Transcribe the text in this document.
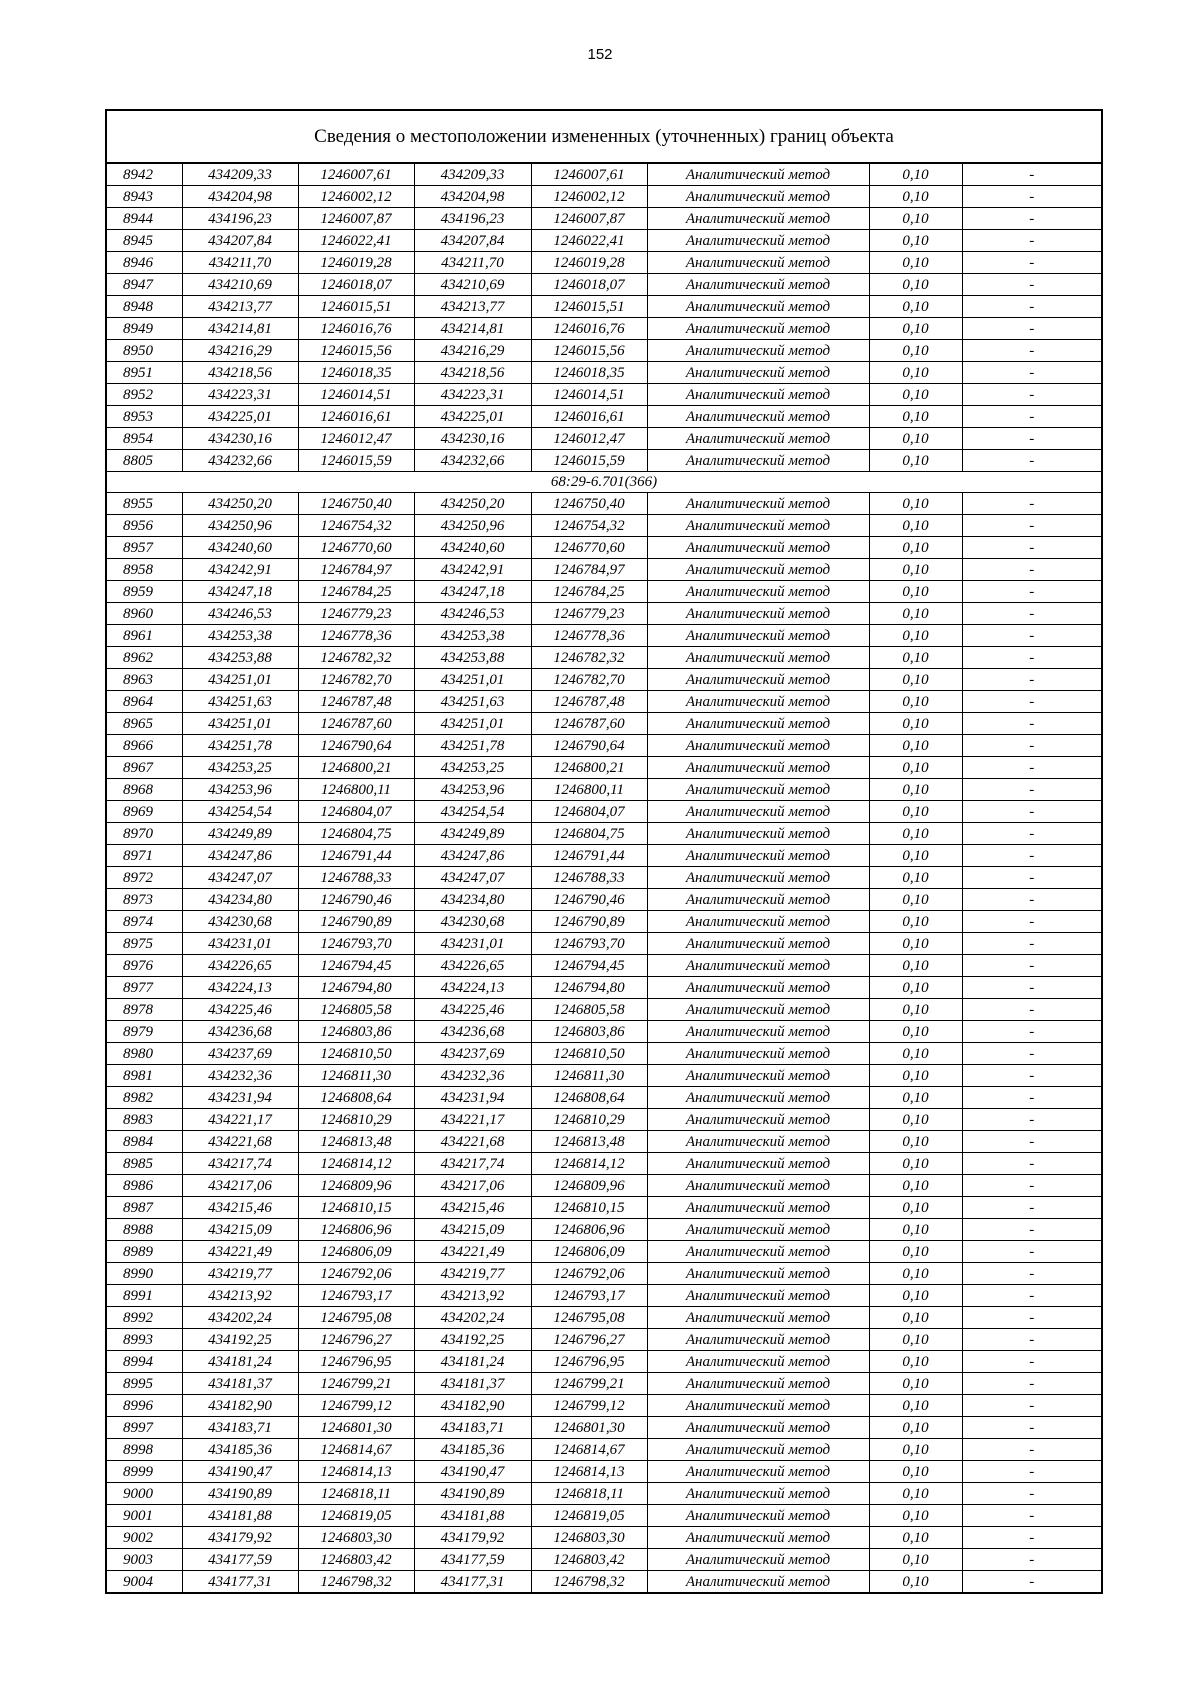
152
Сведения о местоположении измененных (уточненных) границ объекта
8942	434209,33	1246007,61	434209,33	1246007,61	Аналитический метод	0,10	-
8943	434204,98	1246002,12	434204,98	1246002,12	Аналитический метод	0,10	-
8944	434196,23	1246007,87	434196,23	1246007,87	Аналитический метод	0,10	-
8945	434207,84	1246022,41	434207,84	1246022,41	Аналитический метод	0,10	-
8946	434211,70	1246019,28	434211,70	1246019,28	Аналитический метод	0,10	-
8947	434210,69	1246018,07	434210,69	1246018,07	Аналитический метод	0,10	-
8948	434213,77	1246015,51	434213,77	1246015,51	Аналитический метод	0,10	-
8949	434214,81	1246016,76	434214,81	1246016,76	Аналитический метод	0,10	-
8950	434216,29	1246015,56	434216,29	1246015,56	Аналитический метод	0,10	-
8951	434218,56	1246018,35	434218,56	1246018,35	Аналитический метод	0,10	-
8952	434223,31	1246014,51	434223,31	1246014,51	Аналитический метод	0,10	-
8953	434225,01	1246016,61	434225,01	1246016,61	Аналитический метод	0,10	-
8954	434230,16	1246012,47	434230,16	1246012,47	Аналитический метод	0,10	-
8805	434232,66	1246015,59	434232,66	1246015,59	Аналитический метод	0,10	-
68:29-6.701(366)							
8955	434250,20	1246750,40	434250,20	1246750,40	Аналитический метод	0,10	-
8956	434250,96	1246754,32	434250,96	1246754,32	Аналитический метод	0,10	-
8957	434240,60	1246770,60	434240,60	1246770,60	Аналитический метод	0,10	-
8958	434242,91	1246784,97	434242,91	1246784,97	Аналитический метод	0,10	-
8959	434247,18	1246784,25	434247,18	1246784,25	Аналитический метод	0,10	-
8960	434246,53	1246779,23	434246,53	1246779,23	Аналитический метод	0,10	-
8961	434253,38	1246778,36	434253,38	1246778,36	Аналитический метод	0,10	-
8962	434253,88	1246782,32	434253,88	1246782,32	Аналитический метод	0,10	-
8963	434251,01	1246782,70	434251,01	1246782,70	Аналитический метод	0,10	-
8964	434251,63	1246787,48	434251,63	1246787,48	Аналитический метод	0,10	-
8965	434251,01	1246787,60	434251,01	1246787,60	Аналитический метод	0,10	-
8966	434251,78	1246790,64	434251,78	1246790,64	Аналитический метод	0,10	-
8967	434253,25	1246800,21	434253,25	1246800,21	Аналитический метод	0,10	-
8968	434253,96	1246800,11	434253,96	1246800,11	Аналитический метод	0,10	-
8969	434254,54	1246804,07	434254,54	1246804,07	Аналитический метод	0,10	-
8970	434249,89	1246804,75	434249,89	1246804,75	Аналитический метод	0,10	-
8971	434247,86	1246791,44	434247,86	1246791,44	Аналитический метод	0,10	-
8972	434247,07	1246788,33	434247,07	1246788,33	Аналитический метод	0,10	-
8973	434234,80	1246790,46	434234,80	1246790,46	Аналитический метод	0,10	-
8974	434230,68	1246790,89	434230,68	1246790,89	Аналитический метод	0,10	-
8975	434231,01	1246793,70	434231,01	1246793,70	Аналитический метод	0,10	-
8976	434226,65	1246794,45	434226,65	1246794,45	Аналитический метод	0,10	-
8977	434224,13	1246794,80	434224,13	1246794,80	Аналитический метод	0,10	-
8978	434225,46	1246805,58	434225,46	1246805,58	Аналитический метод	0,10	-
8979	434236,68	1246803,86	434236,68	1246803,86	Аналитический метод	0,10	-
8980	434237,69	1246810,50	434237,69	1246810,50	Аналитический метод	0,10	-
8981	434232,36	1246811,30	434232,36	1246811,30	Аналитический метод	0,10	-
8982	434231,94	1246808,64	434231,94	1246808,64	Аналитический метод	0,10	-
8983	434221,17	1246810,29	434221,17	1246810,29	Аналитический метод	0,10	-
8984	434221,68	1246813,48	434221,68	1246813,48	Аналитический метод	0,10	-
8985	434217,74	1246814,12	434217,74	1246814,12	Аналитический метод	0,10	-
8986	434217,06	1246809,96	434217,06	1246809,96	Аналитический метод	0,10	-
8987	434215,46	1246810,15	434215,46	1246810,15	Аналитический метод	0,10	-
8988	434215,09	1246806,96	434215,09	1246806,96	Аналитический метод	0,10	-
8989	434221,49	1246806,09	434221,49	1246806,09	Аналитический метод	0,10	-
8990	434219,77	1246792,06	434219,77	1246792,06	Аналитический метод	0,10	-
8991	434213,92	1246793,17	434213,92	1246793,17	Аналитический метод	0,10	-
8992	434202,24	1246795,08	434202,24	1246795,08	Аналитический метод	0,10	-
8993	434192,25	1246796,27	434192,25	1246796,27	Аналитический метод	0,10	-
8994	434181,24	1246796,95	434181,24	1246796,95	Аналитический метод	0,10	-
8995	434181,37	1246799,21	434181,37	1246799,21	Аналитический метод	0,10	-
8996	434182,90	1246799,12	434182,90	1246799,12	Аналитический метод	0,10	-
8997	434183,71	1246801,30	434183,71	1246801,30	Аналитический метод	0,10	-
8998	434185,36	1246814,67	434185,36	1246814,67	Аналитический метод	0,10	-
8999	434190,47	1246814,13	434190,47	1246814,13	Аналитический метод	0,10	-
9000	434190,89	1246818,11	434190,89	1246818,11	Аналитический метод	0,10	-
9001	434181,88	1246819,05	434181,88	1246819,05	Аналитический метод	0,10	-
9002	434179,92	1246803,30	434179,92	1246803,30	Аналитический метод	0,10	-
9003	434177,59	1246803,42	434177,59	1246803,42	Аналитический метод	0,10	-
9004	434177,31	1246798,32	434177,31	1246798,32	Аналитический метод	0,10	-
